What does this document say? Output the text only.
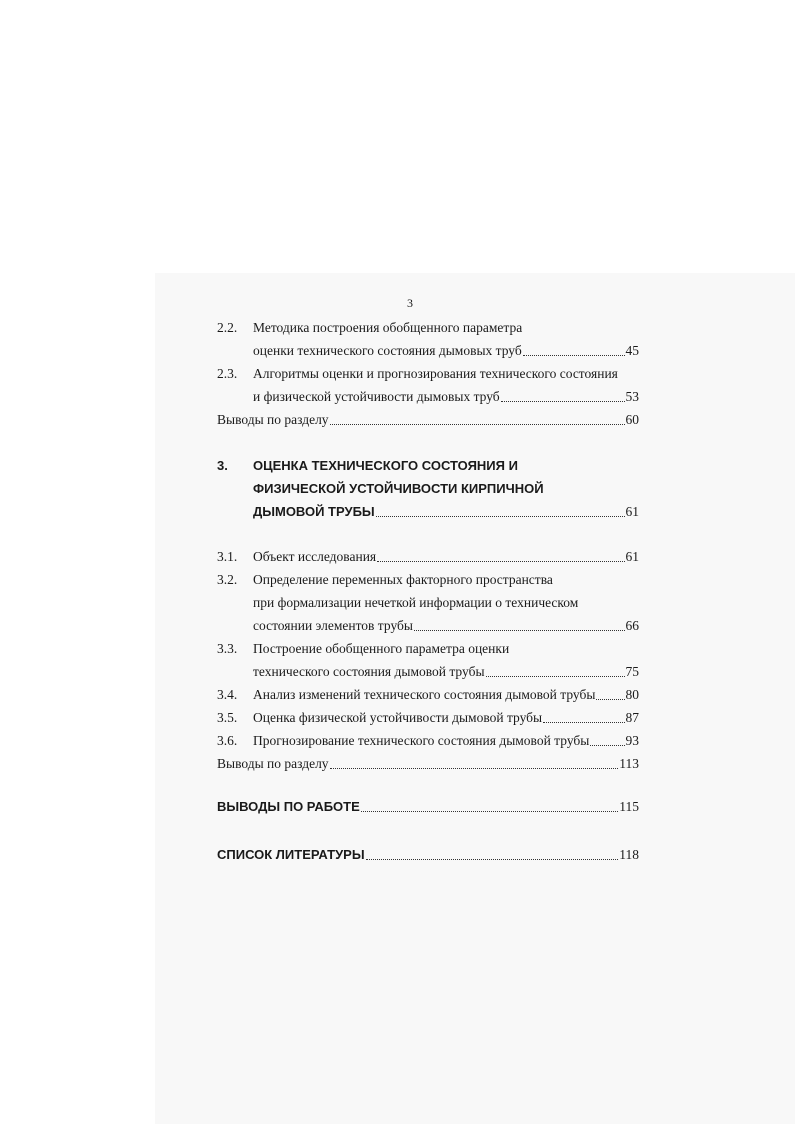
3
2.2.	Методика построения обобщенного параметра
оценки технического состояния дымовых труб	45
2.3.	Алгоритмы оценки и прогнозирования технического состояния
и физической устойчивости дымовых труб	53
Выводы по разделу	60
3.	ОЦЕНКА ТЕХНИЧЕСКОГО СОСТОЯНИЯ И
ФИЗИЧЕСКОЙ УСТОЙЧИВОСТИ КИРПИЧНОЙ
ДЫМОВОЙ ТРУБЫ	61
3.1.	Объект исследования	61
3.2.	Определение переменных факторного пространства
при формализации нечеткой информации о техническом
состоянии элементов трубы	66
3.3.	Построение обобщенного параметра оценки
технического состояния дымовой трубы	75
3.4.	Анализ изменений технического состояния дымовой трубы 80
3.5.	Оценка физической устойчивости дымовой трубы	87
3.6.	Прогнозирование технического состояния дымовой трубы	93
Выводы по разделу	113
ВЫВОДЫ ПО РАБОТЕ	115
СПИСОК ЛИТЕРАТУРЫ	118
